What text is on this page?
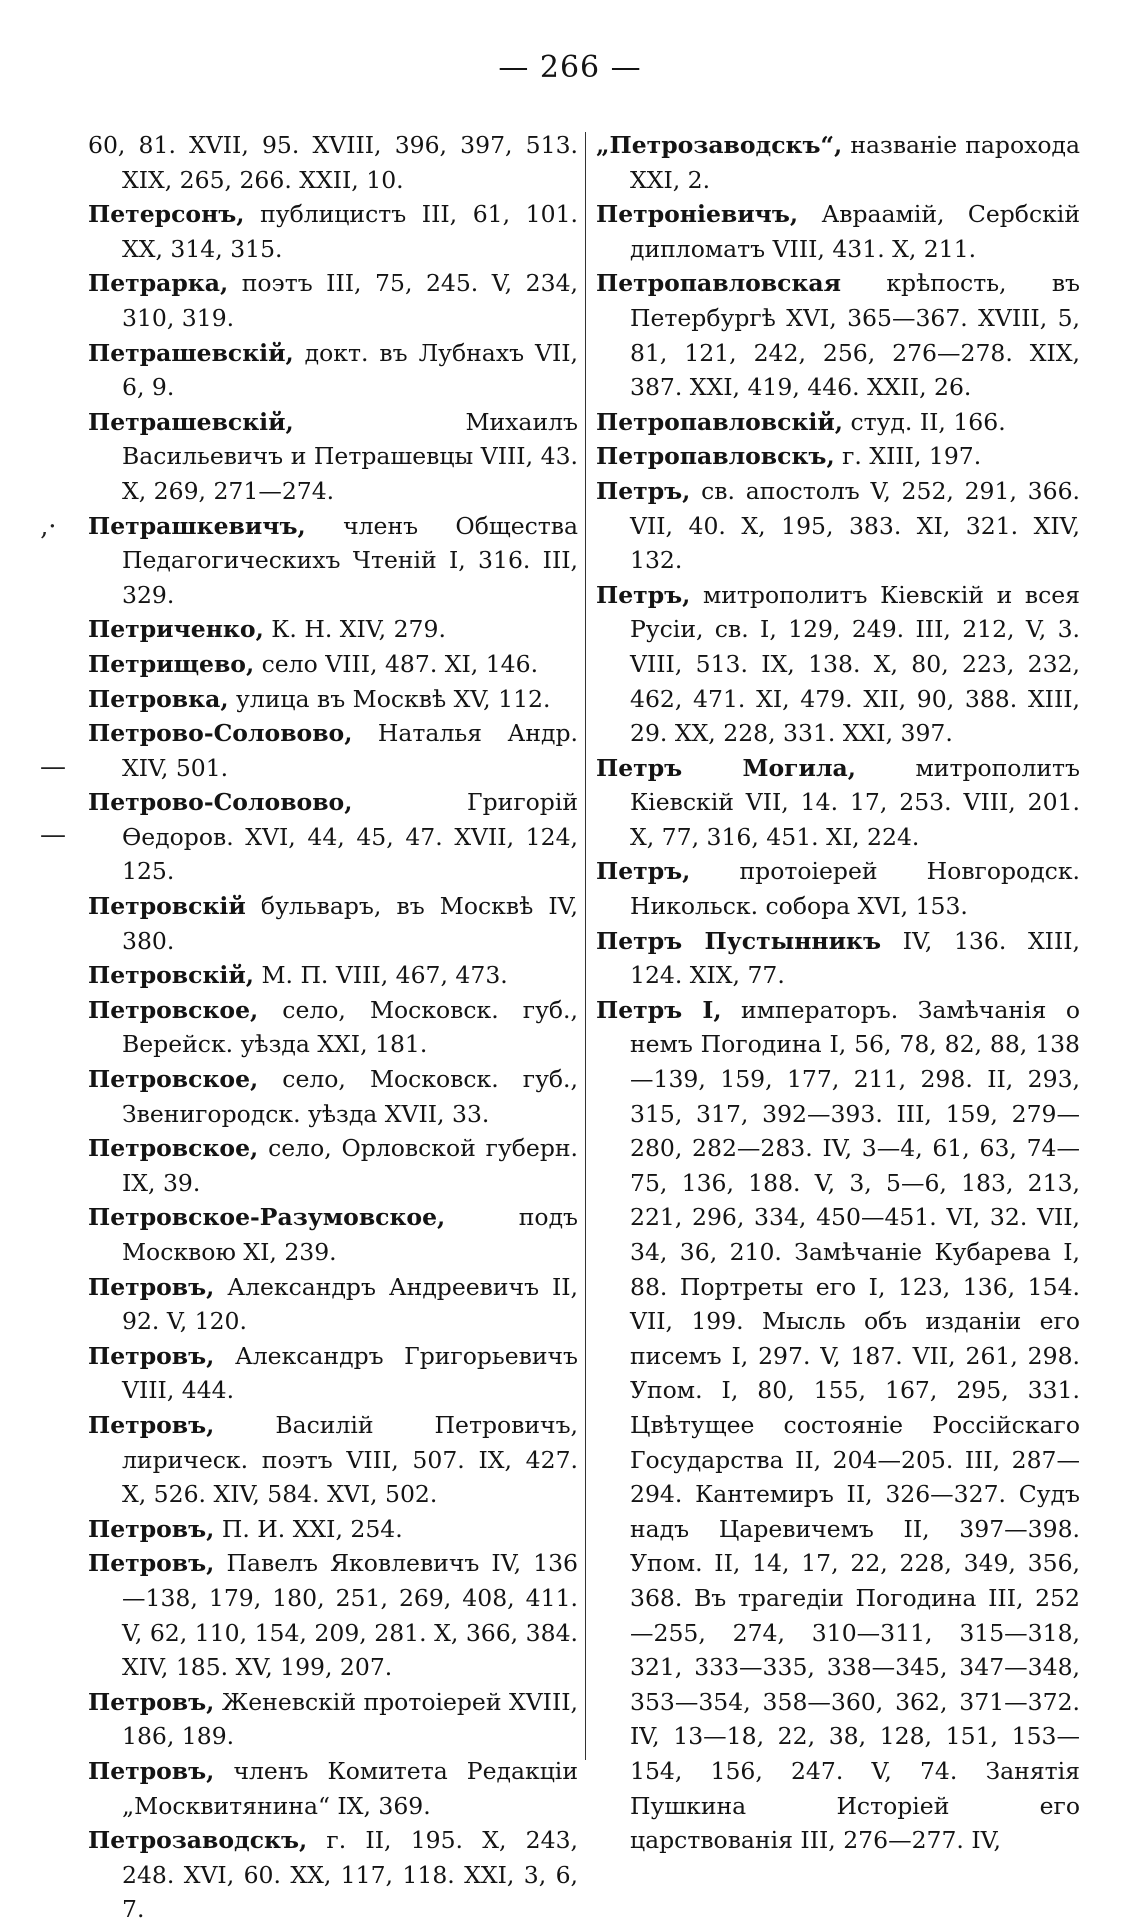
— 266 —
‚·
—
—

60, 81. XVII, 95. XVIII, 396, 397, 513. XIX, 265, 266. XXII, 10.

Петерсонъ, публицистъ III, 61, 101. XX, 314, 315.

Петрарка, поэтъ III, 75, 245. V, 234, 310, 319.

Петрашевскій, докт. въ Лубнахъ VII, 6, 9.

Петрашевскій, Михаилъ Васильевичъ и Петрашевцы VIII, 43. X, 269, 271—274.

Петрашкевичъ, членъ Общества Педагогическихъ Чтеній I, 316. III, 329.

Петриченко, К. Н. XIV, 279.

Петрищево, село VIII, 487. XI, 146.

Петровка, улица въ Москвѣ XV, 112.

Петрово-Соловово, Наталья Андр. XIV, 501.

Петрово-Соловово, Григорій Ѳедоров. XVI, 44, 45, 47. XVII, 124, 125.

Петровскій бульваръ, въ Москвѣ IV, 380.

Петровскій, М. П. VIII, 467, 473.

Петровское, село, Московск. губ., Верейск. уѣзда XXI, 181.

Петровское, село, Московск. губ., Звенигородск. уѣзда XVII, 33.

Петровское, село, Орловской губерн. IX, 39.

Петровское-Разумовское, подъ Москвою XI, 239.

Петровъ, Александръ Андреевичъ II, 92. V, 120.

Петровъ, Александръ Григорьевичъ VIII, 444.

Петровъ, Василій Петровичъ, лирическ. поэтъ VIII, 507. IX, 427. X, 526. XIV, 584. XVI, 502.

Петровъ, П. И. XXI, 254.

Петровъ, Павелъ Яковлевичъ IV, 136—138, 179, 180, 251, 269, 408, 411. V, 62, 110, 154, 209, 281. X, 366, 384. XIV, 185. XV, 199, 207.

Петровъ, Женевскій протоіерей XVIII, 186, 189.

Петровъ, членъ Комитета Редакціи „Москвитянина“ IX, 369.

Петрозаводскъ, г. II, 195. X, 243, 248. XVI, 60. XX, 117, 118. XXI, 3, 6, 7.

„Петрозаводскъ“, названіе парохода XXI, 2.

Петроніевичъ, Авраамій, Сербскій дипломатъ VIII, 431. X, 211.

Петропавловская крѣпость, въ Петербургѣ XVI, 365—367. XVIII, 5, 81, 121, 242, 256, 276—278. XIX, 387. XXI, 419, 446. XXII, 26.

Петропавловскій, студ. II, 166.

Петропавловскъ, г. XIII, 197.

Петръ, св. апостолъ V, 252, 291, 366. VII, 40. X, 195, 383. XI, 321. XIV, 132.

Петръ, митрополитъ Кіевскій и всея Русіи, св. I, 129, 249. III, 212, V, 3. VIII, 513. IX, 138. X, 80, 223, 232, 462, 471. XI, 479. XII, 90, 388. XIII, 29. XX, 228, 331. XXI, 397.

Петръ Могила, митрополитъ Кіевскій VII, 14. 17, 253. VIII, 201. X, 77, 316, 451. XI, 224.

Петръ, протоіерей Новгородск. Никольск. собора XVI, 153.

Петръ Пустынникъ IV, 136. XIII, 124. XIX, 77.

Петръ I, императоръ. Замѣчанія о немъ Погодина I, 56, 78, 82, 88, 138—139, 159, 177, 211, 298. II, 293, 315, 317, 392—393. III, 159, 279—280, 282—283. IV, 3—4, 61, 63, 74—75, 136, 188. V, 3, 5—6, 183, 213, 221, 296, 334, 450—451. VI, 32. VII, 34, 36, 210. Замѣчаніе Кубарева I, 88. Портреты его I, 123, 136, 154. VII, 199. Мысль объ изданіи его писемъ I, 297. V, 187. VII, 261, 298. Упом. I, 80, 155, 167, 295, 331. Цвѣтущее состояніе Россійскаго Государства II, 204—205. III, 287—294. Кантемиръ II, 326—327. Судъ надъ Царевичемъ II, 397—398. Упом. II, 14, 17, 22, 228, 349, 356, 368. Въ трагедіи Погодина III, 252—255, 274, 310—311, 315—318, 321, 333—335, 338—345, 347—348, 353—354, 358—360, 362, 371—372. IV, 13—18, 22, 38, 128, 151, 153—154, 156, 247. V, 74. Занятія Пушкина Исторіей его царствованія III, 276—277. IV,
